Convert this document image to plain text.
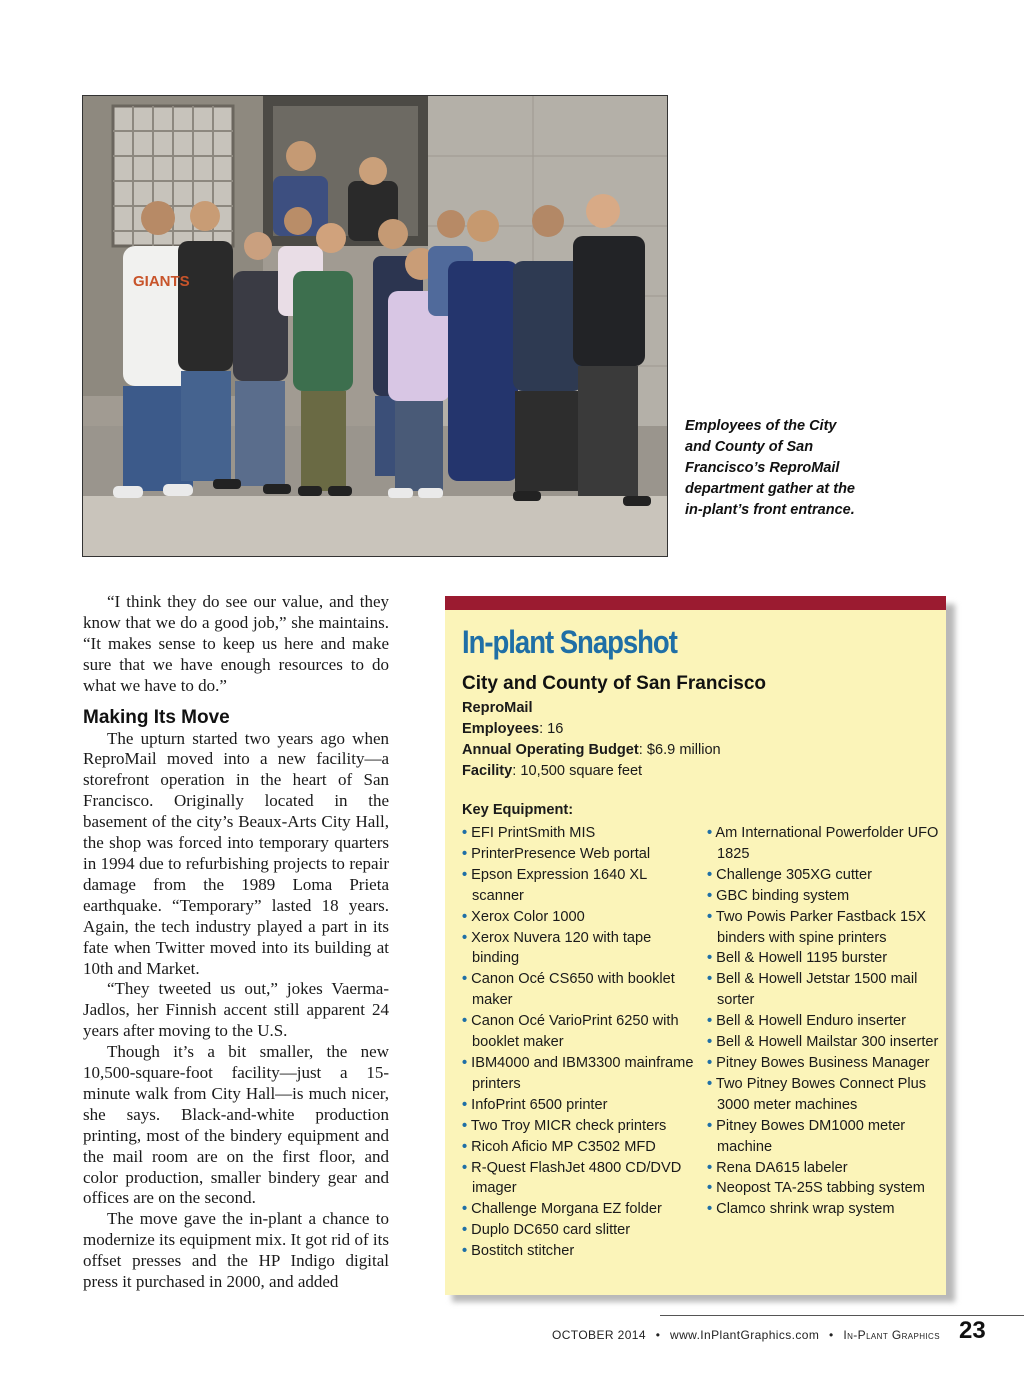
GIANTS
Employees of the City and County of San Francisco’s ReproMail department gather at the in-plant’s front entrance.

“I think they do see our value, and they know that we do a good job,” she maintains. “It makes sense to keep us here and make sure that we have enough resources to do what we have to do.”

Making Its Move

The upturn started two years ago when ReproMail moved into a new facility—a storefront operation in the heart of San Francisco. Originally located in the basement of the city’s Beaux-Arts City Hall, the shop was forced into temporary quarters in 1994 due to refurbishing projects to repair damage from the 1989 Loma Prieta earthquake. “Temporary” lasted 18 years. Again, the tech industry played a part in its fate when Twitter moved into its building at 10th and Market.

“They tweeted us out,” jokes Vaerma-Jadlos, her Finnish accent still apparent 24 years after moving to the U.S.

Though it’s a bit smaller, the new 10,500-square-foot facility—just a 15-minute walk from City Hall—is much nicer, she says. Black-and-white production printing, most of the bindery equipment and the mail room are on the first floor, and color production, smaller bindery gear and offices are on the second.

The move gave the in-plant a chance to modernize its equipment mix. It got rid of its offset presses and the HP Indigo digital press it purchased in 2000, and added

In-plant Snapshot
City and County of San Francisco
ReproMail
Employees: 16
Annual Operating Budget: $6.9 million
Facility: 10,500 square feet
Key Equipment:
• EFI PrintSmith MIS
• PrinterPresence Web portal
• Epson Expression 1640 XL scanner
• Xerox Color 1000
• Xerox Nuvera 120 with tape binding
• Canon Océ CS650 with booklet maker
• Canon Océ VarioPrint 6250 with booklet maker
• IBM4000 and IBM3300 mainframe printers
• InfoPrint 6500 printer
• Two Troy MICR check printers
• Ricoh Aficio MP C3502 MFD
• R-Quest FlashJet 4800 CD/DVD imager
• Challenge Morgana EZ folder
• Duplo DC650 card slitter
• Bostitch stitcher
• Am International Powerfolder UFO 1825
• Challenge 305XG cutter
• GBC binding system
• Two Powis Parker Fastback 15X binders with spine printers
• Bell & Howell 1195 burster
• Bell & Howell Jetstar 1500 mail sorter
• Bell & Howell Enduro inserter
• Bell & Howell Mailstar 300 inserter
• Pitney Bowes Business Manager
• Two Pitney Bowes Connect Plus 3000 meter machines
• Pitney Bowes DM1000 meter machine
• Rena DA615 labeler
• Neopost TA-25S tabbing system
• Clamco shrink wrap system
OCTOBER 2014 • www.InPlantGraphics.com • In-Plant Graphics 23
